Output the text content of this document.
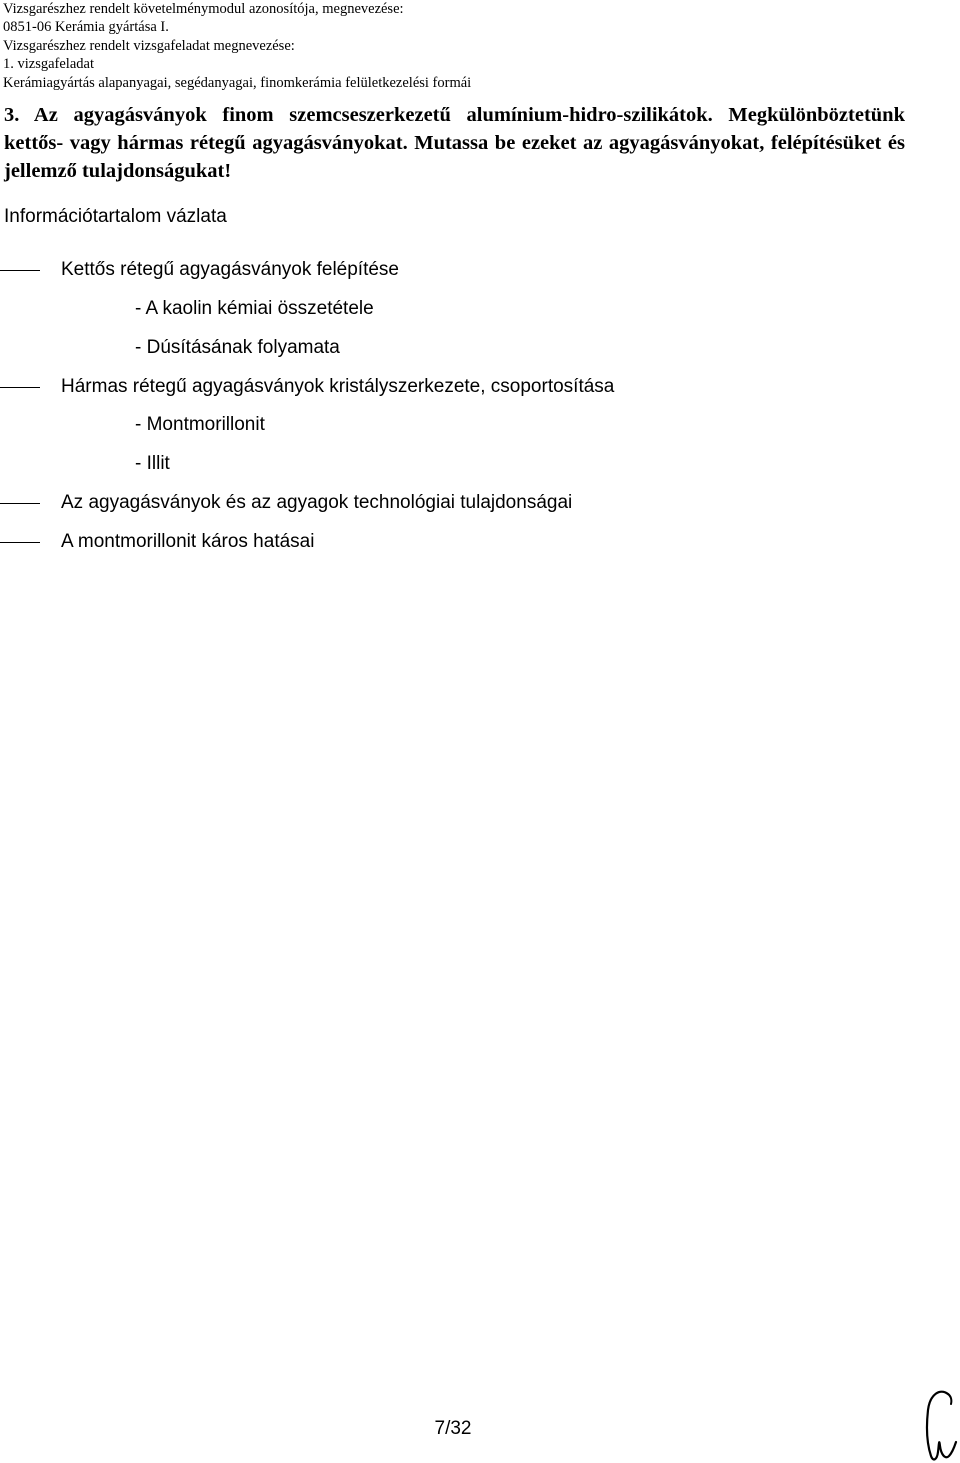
Vizsgarészhez rendelt követelménymodul azonosítója, megnevezése:
0851-06 Kerámia gyártása I.
Vizsgarészhez rendelt vizsgafeladat megnevezése:
1. vizsgafeladat
Kerámiagyártás alapanyagai, segédanyagai, finomkerámia felületkezelési formái
3. Az agyagásványok finom szemcseszerkezetű alumínium-hidro-szilikátok. Megkülönböztetünk kettős- vagy hármas rétegű agyagásványokat. Mutassa be ezeket az agyagásványokat, felépítésüket és jellemző tulajdonságukat!
Információtartalom vázlata
Kettős rétegű agyagásványok felépítése
- A kaolin kémiai összetétele
- Dúsításának folyamata
Hármas rétegű agyagásványok kristályszerkezete, csoportosítása
- Montmorillonit
- Illit
Az agyagásványok és az agyagok technológiai tulajdonságai
A montmorillonit káros hatásai
7/32
